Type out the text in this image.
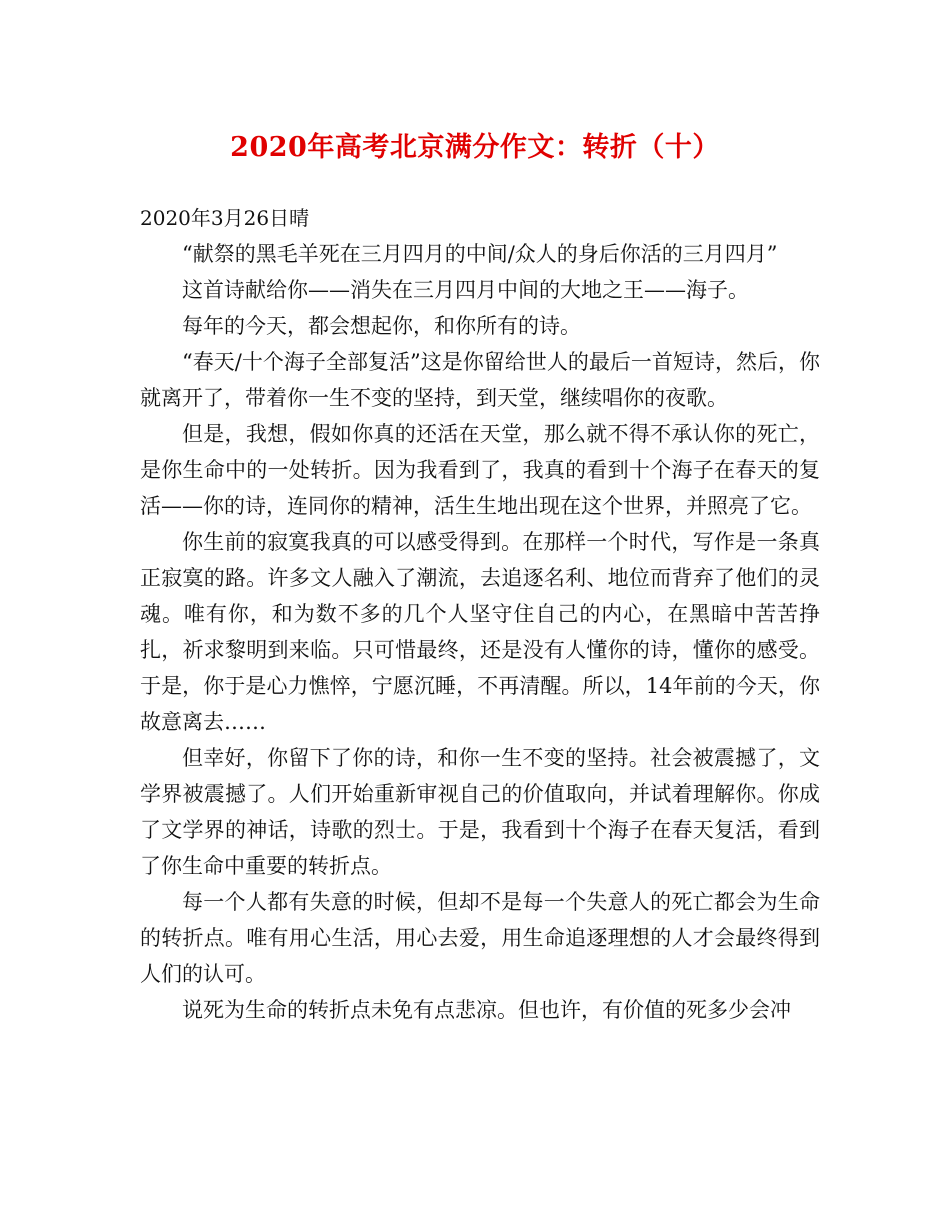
2020年高考北京满分作文：转折（十）
2020年3月26日晴

“献祭的黑毛羊死在三月四月的中间/众人的身后你活的三月四月”

这首诗献给你——消失在三月四月中间的大地之王——海子。

每年的今天，都会想起你，和你所有的诗。

“春天/十个海子全部复活”这是你留给世人的最后一首短诗，然后，你就离开了，带着你一生不变的坚持，到天堂，继续唱你的夜歌。

但是，我想，假如你真的还活在天堂，那么就不得不承认你的死亡，是你生命中的一处转折。因为我看到了，我真的看到十个海子在春天的复活——你的诗，连同你的精神，活生生地出现在这个世界，并照亮了它。

你生前的寂寞我真的可以感受得到。在那样一个时代，写作是一条真正寂寞的路。许多文人融入了潮流，去追逐名利、地位而背弃了他们的灵魂。唯有你，和为数不多的几个人坚守住自己的内心，在黑暗中苦苦挣扎，祈求黎明到来临。只可惜最终，还是没有人懂你的诗，懂你的感受。于是，你于是心力憔悴，宁愿沉睡，不再清醒。所以，14年前的今天，你故意离去……

但幸好，你留下了你的诗，和你一生不变的坚持。社会被震撼了，文学界被震撼了。人们开始重新审视自己的价值取向，并试着理解你。你成了文学界的神话，诗歌的烈士。于是，我看到十个海子在春天复活，看到了你生命中重要的转折点。

每一个人都有失意的时候，但却不是每一个失意人的死亡都会为生命的转折点。唯有用心生活，用心去爱，用生命追逐理想的人才会最终得到人们的认可。

说死为生命的转折点未免有点悲凉。但也许，有价值的死多少会冲
